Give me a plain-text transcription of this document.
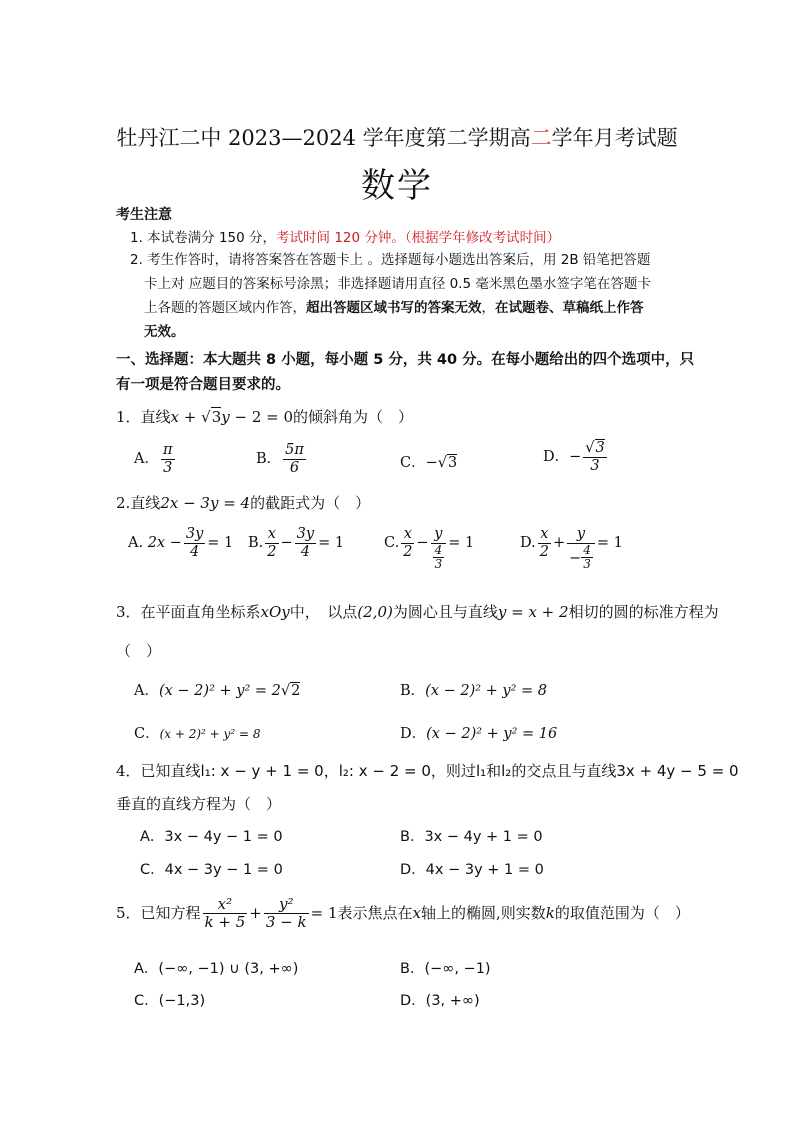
牡丹江二中 2023—2024 学年度第二学期高二学年月考试题
数学
考生注意
1. 本试卷满分 150 分，考试时间 120 分钟。（根据学年修改考试时间）
2. 考生作答时，请将答案答在答题卡上 。选择题每小题选出答案后，用 2B 铅笔把答题
卡上对 应题目的答案标号涂黑；非选择题请用直径 0.5 毫米黑色墨水签字笔在答题卡
上各题的答题区域内作答，超出答题区域书写的答案无效，在试题卷、草稿纸上作答
无效。
一、选择题：本大题共 8 小题，每小题 5 分，共 40 分。在每小题给出的四个选项中，只
有一项是符合题目要求的。
1．直线x + √3y − 2 = 0的倾斜角为（　）
A． $\frac{\pi}{3}$	B． $\frac{5\pi}{6}$	C．−√3	D．− $\frac{√3}{3}$
2.直线2x − 3y = 4的截距式为（　）
A. $2x - \frac{3y}{4} = 1$ B. $\frac{x}{2} - \frac{3y}{4} = 1$	C. $\frac{x}{2} - \frac{y}{\frac{4}{3}} = 1$	D. $\frac{x}{2} + \frac{y}{- \frac{4}{3}} = 1$
3．在平面直角坐标系xOy中，　以点(2,0)为圆心且与直线y = x + 2相切的圆的标准方程为
（　）
A．(x − 2)² + y² = 2√2	B．(x − 2)² + y² = 8
C．(x + 2)² + y² = 8	D．(x − 2)² + y² = 16
4．已知直线l₁: x − y + 1 = 0，l₂: x − 2 = 0，则过l₁和l₂的交点且与直线3x + 4y − 5 = 0
垂直的直线方程为（　）
A．3x − 4y − 1 = 0	B．3x − 4y + 1 = 0
C．4x − 3y − 1 = 0	D．4x − 3y + 1 = 0
5．已知方程 $\frac{\text{x²}}{k + 5} + \frac{\text{y²}}{3 - k} = 1$表示焦点在x轴上的椭圆,则实数k的取值范围为（　）
A．(−∞, −1) ∪ (3, +∞)	B．(−∞, −1)
C．(−1,3)	D．(3, +∞)
